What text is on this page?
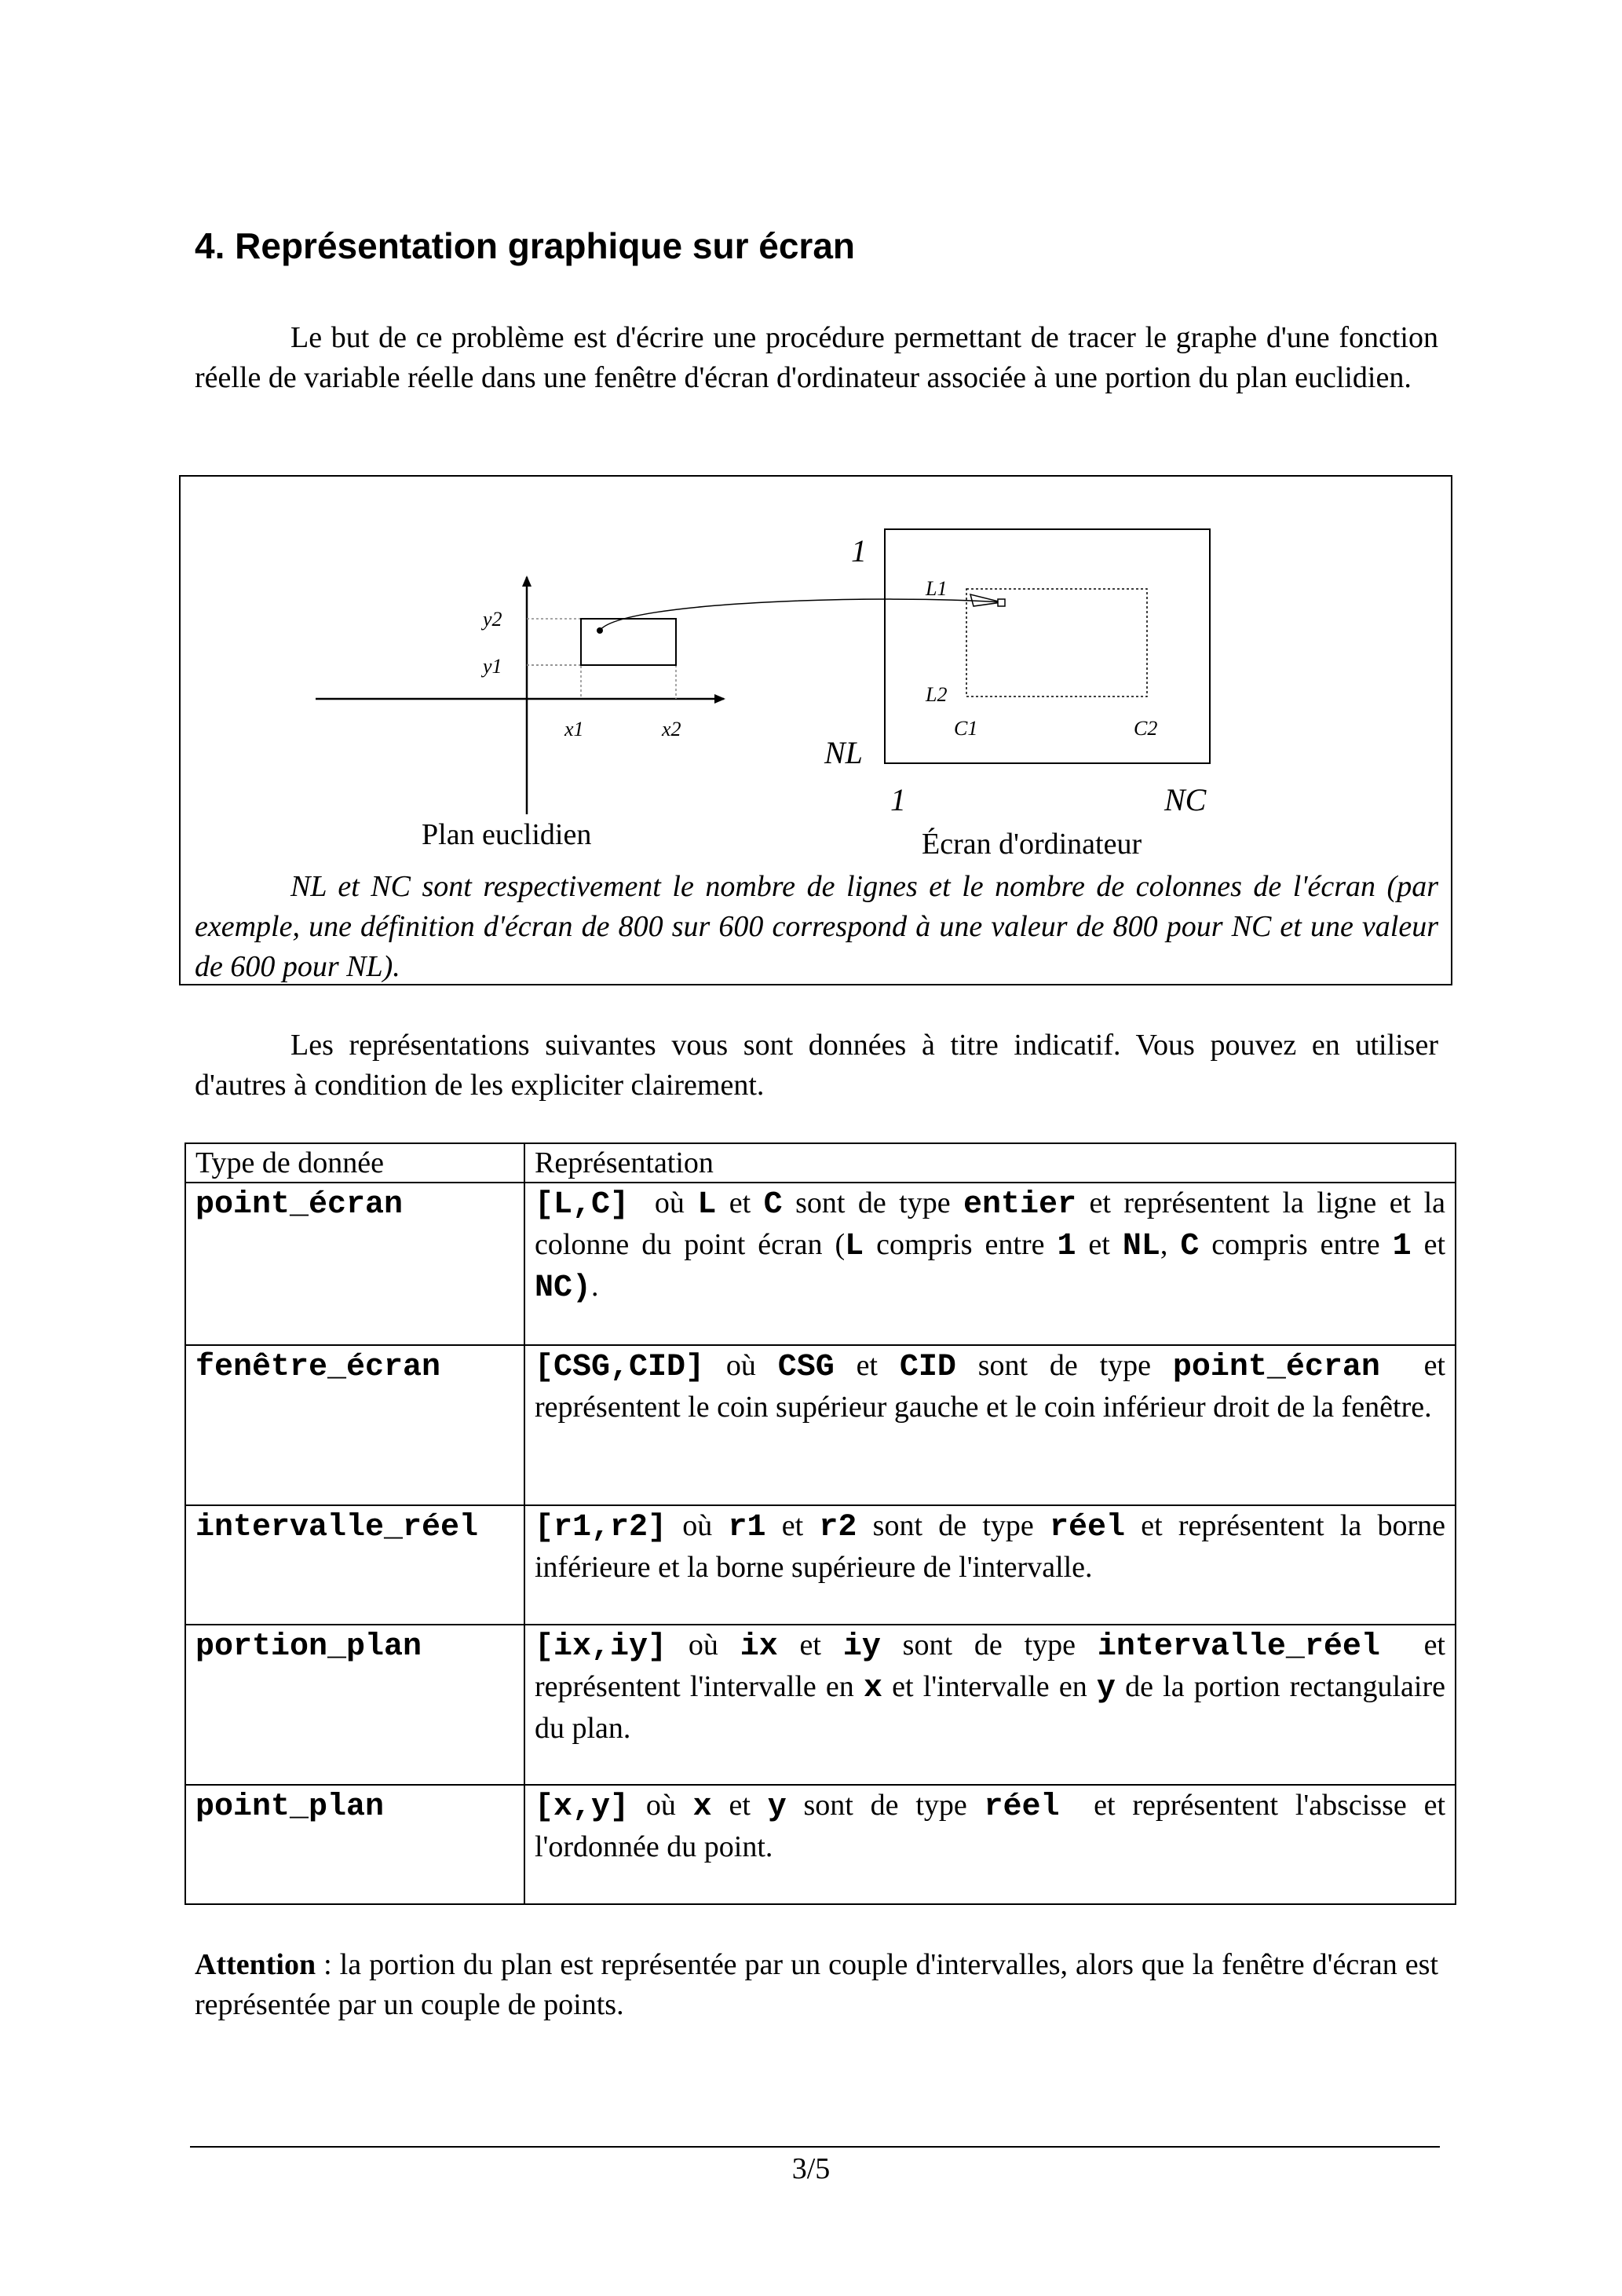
4. Représentation graphique sur écran
Le but de ce problème est d'écrire une procédure permettant de tracer le graphe d'une fonction réelle de variable réelle dans une fenêtre d'écran d'ordinateur associée à une portion du plan euclidien.
y2
y1
x1	x2
1
NL
1	NC
L1
L2
C1	C2
Plan euclidien	Écran d'ordinateur
NL et NC sont respectivement le nombre de lignes et le nombre de colonnes de l'écran (par exemple, une définition d'écran de 800 sur 600 correspond à une valeur de 800 pour NC et une valeur de 600 pour NL).
Les représentations suivantes vous sont données à titre indicatif. Vous pouvez en utiliser d'autres à condition de les expliciter clairement.
Type de donnée	Représentation
point_écran	[L,C]  où L et C sont de type entier et représentent la ligne et la colonne du point écran (L compris entre 1 et NL, C compris entre 1 et NC).
fenêtre_écran	[CSG,CID] où CSG et CID sont de type point_écran  et représentent le coin supérieur gauche et le coin inférieur droit de la fenêtre.
intervalle_réel	[r1,r2] où r1 et r2 sont de type réel et représentent la borne inférieure et la borne supérieure de l'intervalle.
portion_plan	[ix,iy] où ix et iy sont de type intervalle_réel  et représentent l'intervalle en x et l'intervalle en y de la portion rectangulaire du plan.
point_plan	[x,y] où x et y sont de type réel  et représentent l'abscisse et l'ordonnée du point.
Attention : la portion du plan est représentée par un couple d'intervalles, alors que la fenêtre d'écran est représentée par un couple de points.
3/5
